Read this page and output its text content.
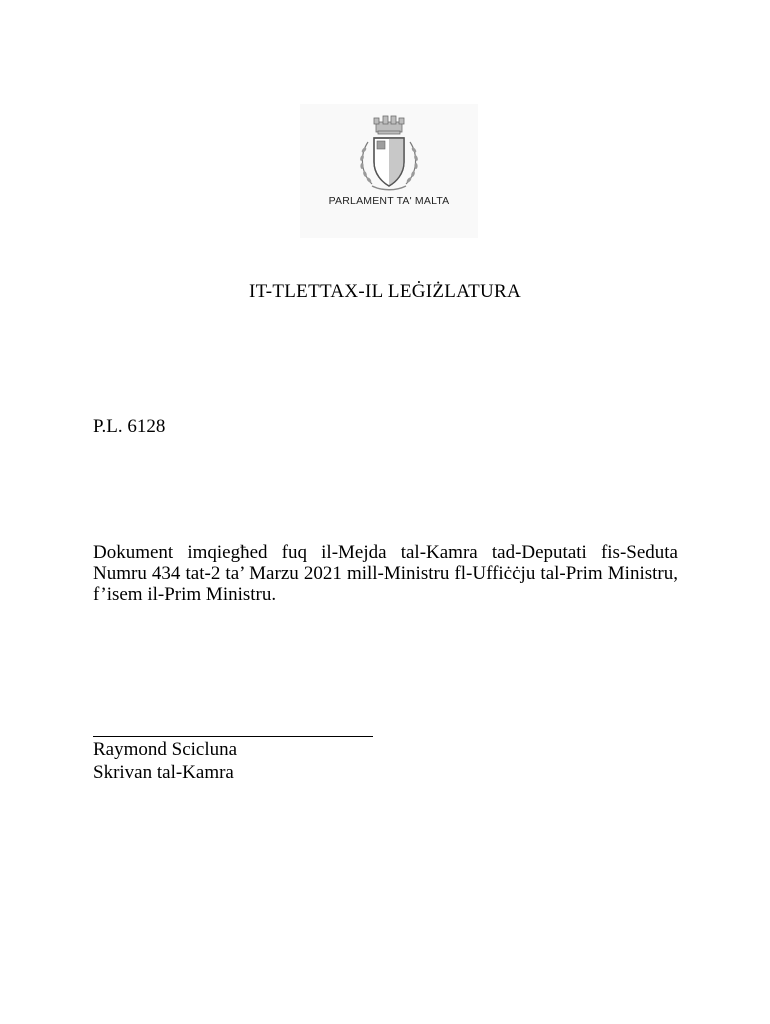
PARLAMENT TA' MALTA
IT-TLETTAX-IL LEĠIŻLATURA
P.L. 6128
Dokument imqiegħed fuq il-Mejda tal-Kamra tad-Deputati fis-Seduta Numru 434 tat-2 ta’ Marzu 2021 mill-Ministru fl-Uffiċċju tal-Prim Ministru, f’isem il-Prim Ministru.
Raymond Scicluna
Skrivan tal-Kamra
